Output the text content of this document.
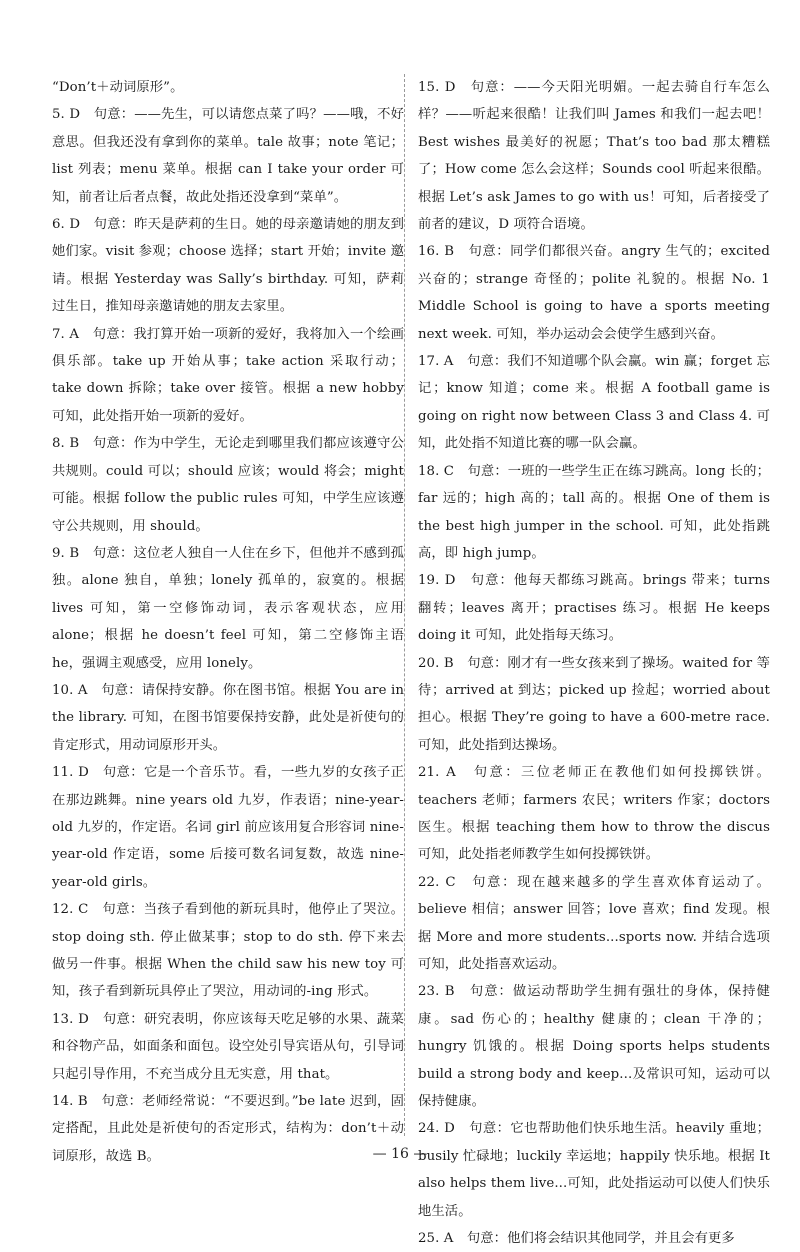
“Don’t＋动词原形”。

5. D　句意：——先生，可以请您点菜了吗？——哦，不好意思。但我还没有拿到你的菜单。tale 故事；note 笔记；list 列表；menu 菜单。根据 can I take your order 可知，前者让后者点餐，故此处指还没拿到“菜单”。

6. D　句意：昨天是萨莉的生日。她的母亲邀请她的朋友到她们家。visit 参观；choose 选择；start 开始；invite 邀请。根据 Yesterday was Sally’s birthday. 可知，萨莉过生日，推知母亲邀请她的朋友去家里。

7. A　句意：我打算开始一项新的爱好，我将加入一个绘画俱乐部。take up 开始从事；take action 采取行动；take down 拆除；take over 接管。根据 a new hobby 可知，此处指开始一项新的爱好。

8. B　句意：作为中学生，无论走到哪里我们都应该遵守公共规则。could 可以；should 应该；would 将会；might 可能。根据 follow the public rules 可知，中学生应该遵守公共规则，用 should。

9. B　句意：这位老人独自一人住在乡下，但他并不感到孤独。alone 独自，单独；lonely 孤单的，寂寞的。根据 lives 可知，第一空修饰动词，表示客观状态，应用 alone；根据 he doesn’t feel 可知，第二空修饰主语 he，强调主观感受，应用 lonely。

10. A　句意：请保持安静。你在图书馆。根据 You are in the library. 可知，在图书馆要保持安静，此处是祈使句的肯定形式，用动词原形开头。

11. D　句意：它是一个音乐节。看，一些九岁的女孩子正在那边跳舞。nine years old 九岁，作表语；nine-year-old 九岁的，作定语。名词 girl 前应该用复合形容词 nine-year-old 作定语，some 后接可数名词复数，故选 nine-year-old girls。

12. C　句意：当孩子看到他的新玩具时，他停止了哭泣。stop doing sth. 停止做某事；stop to do sth. 停下来去做另一件事。根据 When the child saw his new toy 可知，孩子看到新玩具停止了哭泣，用动词的-ing 形式。

13. D　句意：研究表明，你应该每天吃足够的水果、蔬菜和谷物产品，如面条和面包。设空处引导宾语从句，引导词只起引导作用，不充当成分且无实意，用 that。

14. B　句意：老师经常说：“不要迟到。”be late 迟到，固定搭配，且此处是祈使句的否定形式，结构为：don’t＋动词原形，故选 B。

15. D　句意：——今天阳光明媚。一起去骑自行车怎么样？——听起来很酷！让我们叫 James 和我们一起去吧！Best wishes 最美好的祝愿；That’s too bad 那太糟糕了；How come 怎么会这样；Sounds cool 听起来很酷。根据 Let’s ask James to go with us！可知，后者接受了前者的建议，D 项符合语境。

16. B　句意：同学们都很兴奋。angry 生气的；excited 兴奋的；strange 奇怪的；polite 礼貌的。根据 No. 1 Middle School is going to have a sports meeting next week. 可知，举办运动会会使学生感到兴奋。

17. A　句意：我们不知道哪个队会赢。win 赢；forget 忘记；know 知道；come 来。根据 A football game is going on right now between Class 3 and Class 4. 可知，此处指不知道比赛的哪一队会赢。

18. C　句意：一班的一些学生正在练习跳高。long 长的；far 远的；high 高的；tall 高的。根据 One of them is the best high jumper in the school. 可知，此处指跳高，即 high jump。

19. D　句意：他每天都练习跳高。brings 带来；turns 翻转；leaves 离开；practises 练习。根据 He keeps doing it 可知，此处指每天练习。

20. B　句意：刚才有一些女孩来到了操场。waited for 等待；arrived at 到达；picked up 捡起；worried about 担心。根据 They’re going to have a 600-metre race. 可知，此处指到达操场。

21. A　句意：三位老师正在教他们如何投掷铁饼。teachers 老师；farmers 农民；writers 作家；doctors 医生。根据 teaching them how to throw the discus 可知，此处指老师教学生如何投掷铁饼。

22. C　句意：现在越来越多的学生喜欢体育运动了。believe 相信；answer 回答；love 喜欢；find 发现。根据 More and more students...sports now. 并结合选项可知，此处指喜欢运动。

23. B　句意：做运动帮助学生拥有强壮的身体，保持健康。sad 伤心的；healthy 健康的；clean 干净的；hungry 饥饿的。根据 Doing sports helps students build a strong body and keep...及常识可知，运动可以保持健康。

24. D　句意：它也帮助他们快乐地生活。heavily 重地；busily 忙碌地；luckily 幸运地；happily 快乐地。根据 It also helps them live...可知，此处指运动可以使人们快乐地生活。

25. A　句意：他们将会结识其他同学，并且会有更多

— 16 —
